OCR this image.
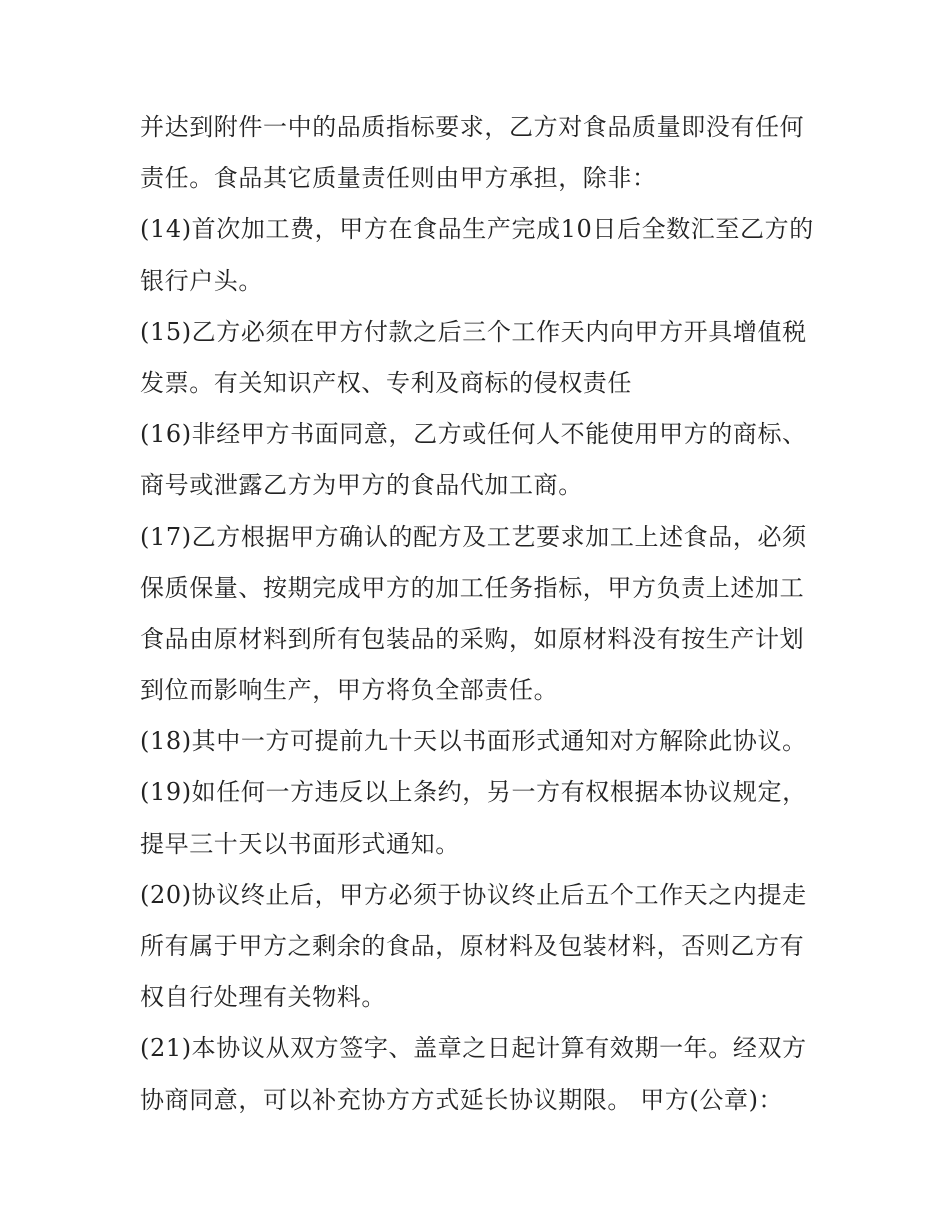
并达到附件一中的品质指标要求，乙方对食品质量即没有任何

责任。食品其它质量责任则由甲方承担，除非：

(14)首次加工费，甲方在食品生产完成10日后全数汇至乙方的

银行户头。

(15)乙方必须在甲方付款之后三个工作天内向甲方开具增值税

发票。有关知识产权、专利及商标的侵权责任

(16)非经甲方书面同意，乙方或任何人不能使用甲方的商标、

商号或泄露乙方为甲方的食品代加工商。

(17)乙方根据甲方确认的配方及工艺要求加工上述食品，必须

保质保量、按期完成甲方的加工任务指标，甲方负责上述加工

食品由原材料到所有包装品的采购，如原材料没有按生产计划

到位而影响生产，甲方将负全部责任。

(18)其中一方可提前九十天以书面形式通知对方解除此协议。

(19)如任何一方违反以上条约，另一方有权根据本协议规定，

提早三十天以书面形式通知。

(20)协议终止后，甲方必须于协议终止后五个工作天之内提走

所有属于甲方之剩余的食品，原材料及包装材料，否则乙方有

权自行处理有关物料。

(21)本协议从双方签字、盖章之日起计算有效期一年。经双方

协商同意，可以补充协方方式延长协议期限。 甲方(公章)：
